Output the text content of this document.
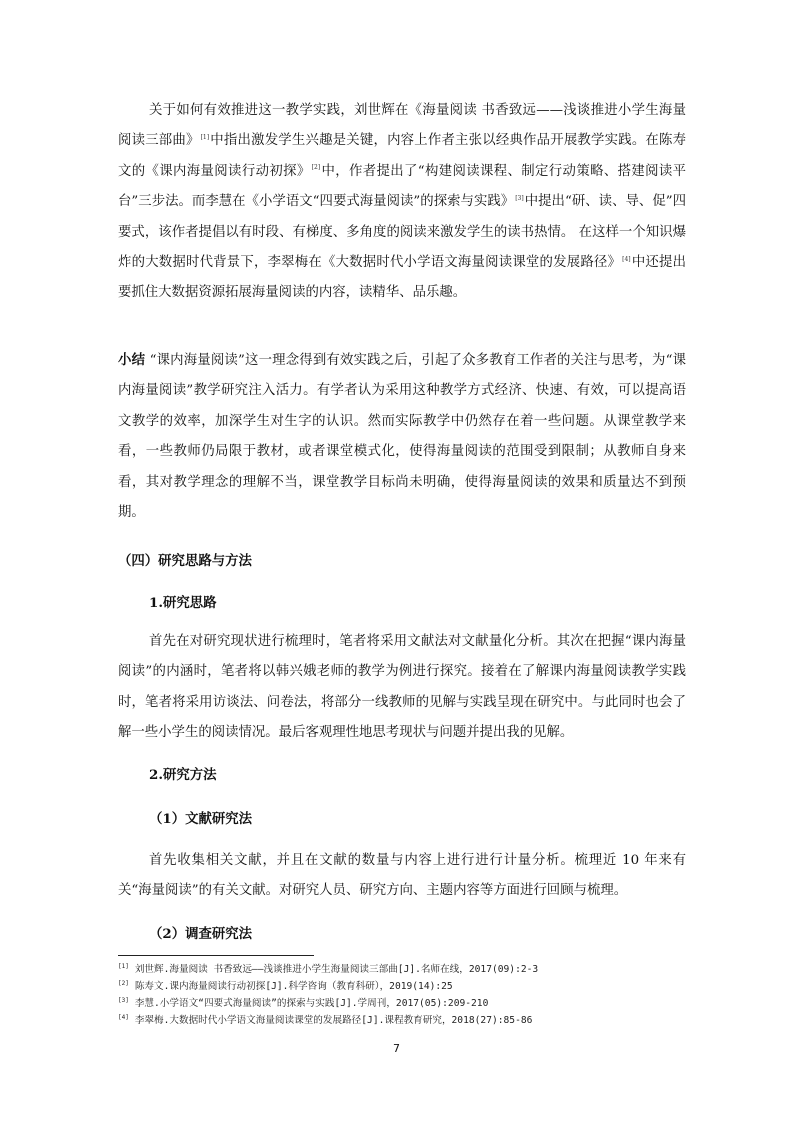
关于如何有效推进这一教学实践，刘世辉在《海量阅读 书香致远——浅谈推进小学生海量阅读三部曲》[1]中指出激发学生兴趣是关键，内容上作者主张以经典作品开展教学实践。在陈寿文的《课内海量阅读行动初探》[2]中，作者提出了“构建阅读课程、制定行动策略、搭建阅读平台”三步法。而李慧在《小学语文“四要式海量阅读”的探索与实践》[3]中提出“研、读、导、促”四要式，该作者提倡以有时段、有梯度、多角度的阅读来激发学生的读书热情。 在这样一个知识爆炸的大数据时代背景下，李翠梅在《大数据时代小学语文海量阅读课堂的发展路径》[4]中还提出要抓住大数据资源拓展海量阅读的内容，读精华、品乐趣。

小结 “课内海量阅读”这一理念得到有效实践之后，引起了众多教育工作者的关注与思考，为“课内海量阅读”教学研究注入活力。有学者认为采用这种教学方式经济、快速、有效，可以提高语文教学的效率，加深学生对生字的认识。然而实际教学中仍然存在着一些问题。从课堂教学来看，一些教师仍局限于教材，或者课堂模式化，使得海量阅读的范围受到限制；从教师自身来看，其对教学理念的理解不当，课堂教学目标尚未明确，使得海量阅读的效果和质量达不到预期。

（四）研究思路与方法

1.研究思路

首先在对研究现状进行梳理时，笔者将采用文献法对文献量化分析。其次在把握“课内海量阅读”的内涵时，笔者将以韩兴娥老师的教学为例进行探究。接着在了解课内海量阅读教学实践时，笔者将采用访谈法、问卷法，将部分一线教师的见解与实践呈现在研究中。与此同时也会了解一些小学生的阅读情况。最后客观理性地思考现状与问题并提出我的见解。

2.研究方法

（1）文献研究法

首先收集相关文献，并且在文献的数量与内容上进行进行计量分析。梳理近 10 年来有关“海量阅读”的有关文献。对研究人员、研究方向、主题内容等方面进行回顾与梳理。

（2）调查研究法

[1] 刘世辉.海量阅读 书香致远——浅谈推进小学生海量阅读三部曲[J].名师在线，2017(09):2-3
[2] 陈寿文.课内海量阅读行动初探[J].科学咨询（教育科研），2019(14):25
[3] 李慧.小学语文“四要式海量阅读”的探索与实践[J].学周刊，2017(05):209-210
[4] 李翠梅.大数据时代小学语文海量阅读课堂的发展路径[J].课程教育研究，2018(27):85-86
7
